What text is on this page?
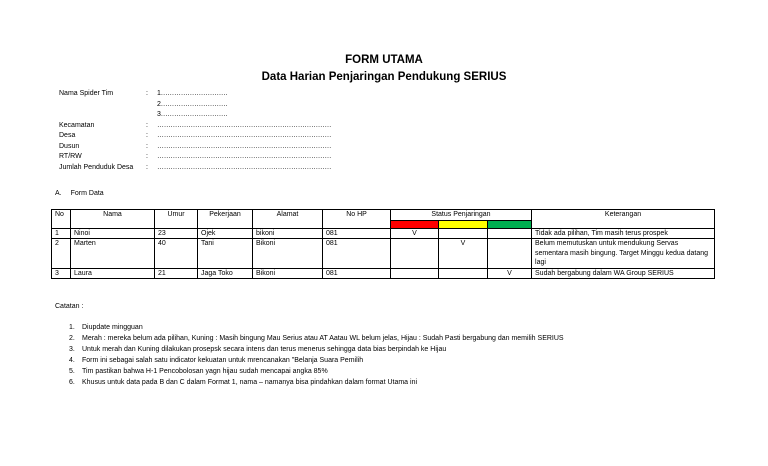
FORM UTAMA
Data Harian Penjaringan Pendukung SERIUS
Nama Spider Tim	: 1…………………………
2…………………………
3…………………………
Kecamatan	: ……………………………………………………………………
Desa	: ……………………………………………………………………
Dusun	: ……………………………………………………………………
RT/RW	: ……………………………………………………………………
Jumlah Penduduk Desa : ……………………………………………………………………
A. Form Data
No	Nama	Umur	Pekerjaan	Alamat	No HP	Status Penjaringan			Keterangan

1	Ninoi	23	Ojek	bikoni	081	V			Tidak ada pilihan, Tim masih terus prospek
2	Marten	40	Tani	Bikoni	081		V		Belum memutuskan untuk mendukung Servas sementara masih bingung. Target Minggu kedua datang lagi
3	Laura	21	Jaga Toko	Bikoni	081			V	Sudah bergabung dalam WA Group SERIUS
Catatan :
1. Diupdate mingguan
2. Merah : mereka belum ada pilihan, Kuning : Masih bingung Mau Serius atau AT Aatau WL belum jelas, Hijau : Sudah Pasti bergabung dan memilih SERIUS
3. Untuk merah dan Kuning dilakukan prosepsk secara intens dan terus menerus sehingga data bias berpindah ke Hijau
4. Form ini sebagai salah satu indicator kekuatan untuk mrencanakan "Belanja Suara Pemilih
5. Tim pastikan bahwa H-1 Pencobolosan yagn hijau sudah mencapai angka 85%
6. Khusus untuk data pada B dan C dalam Format 1, nama – namanya bisa pindahkan dalam format Utama ini
